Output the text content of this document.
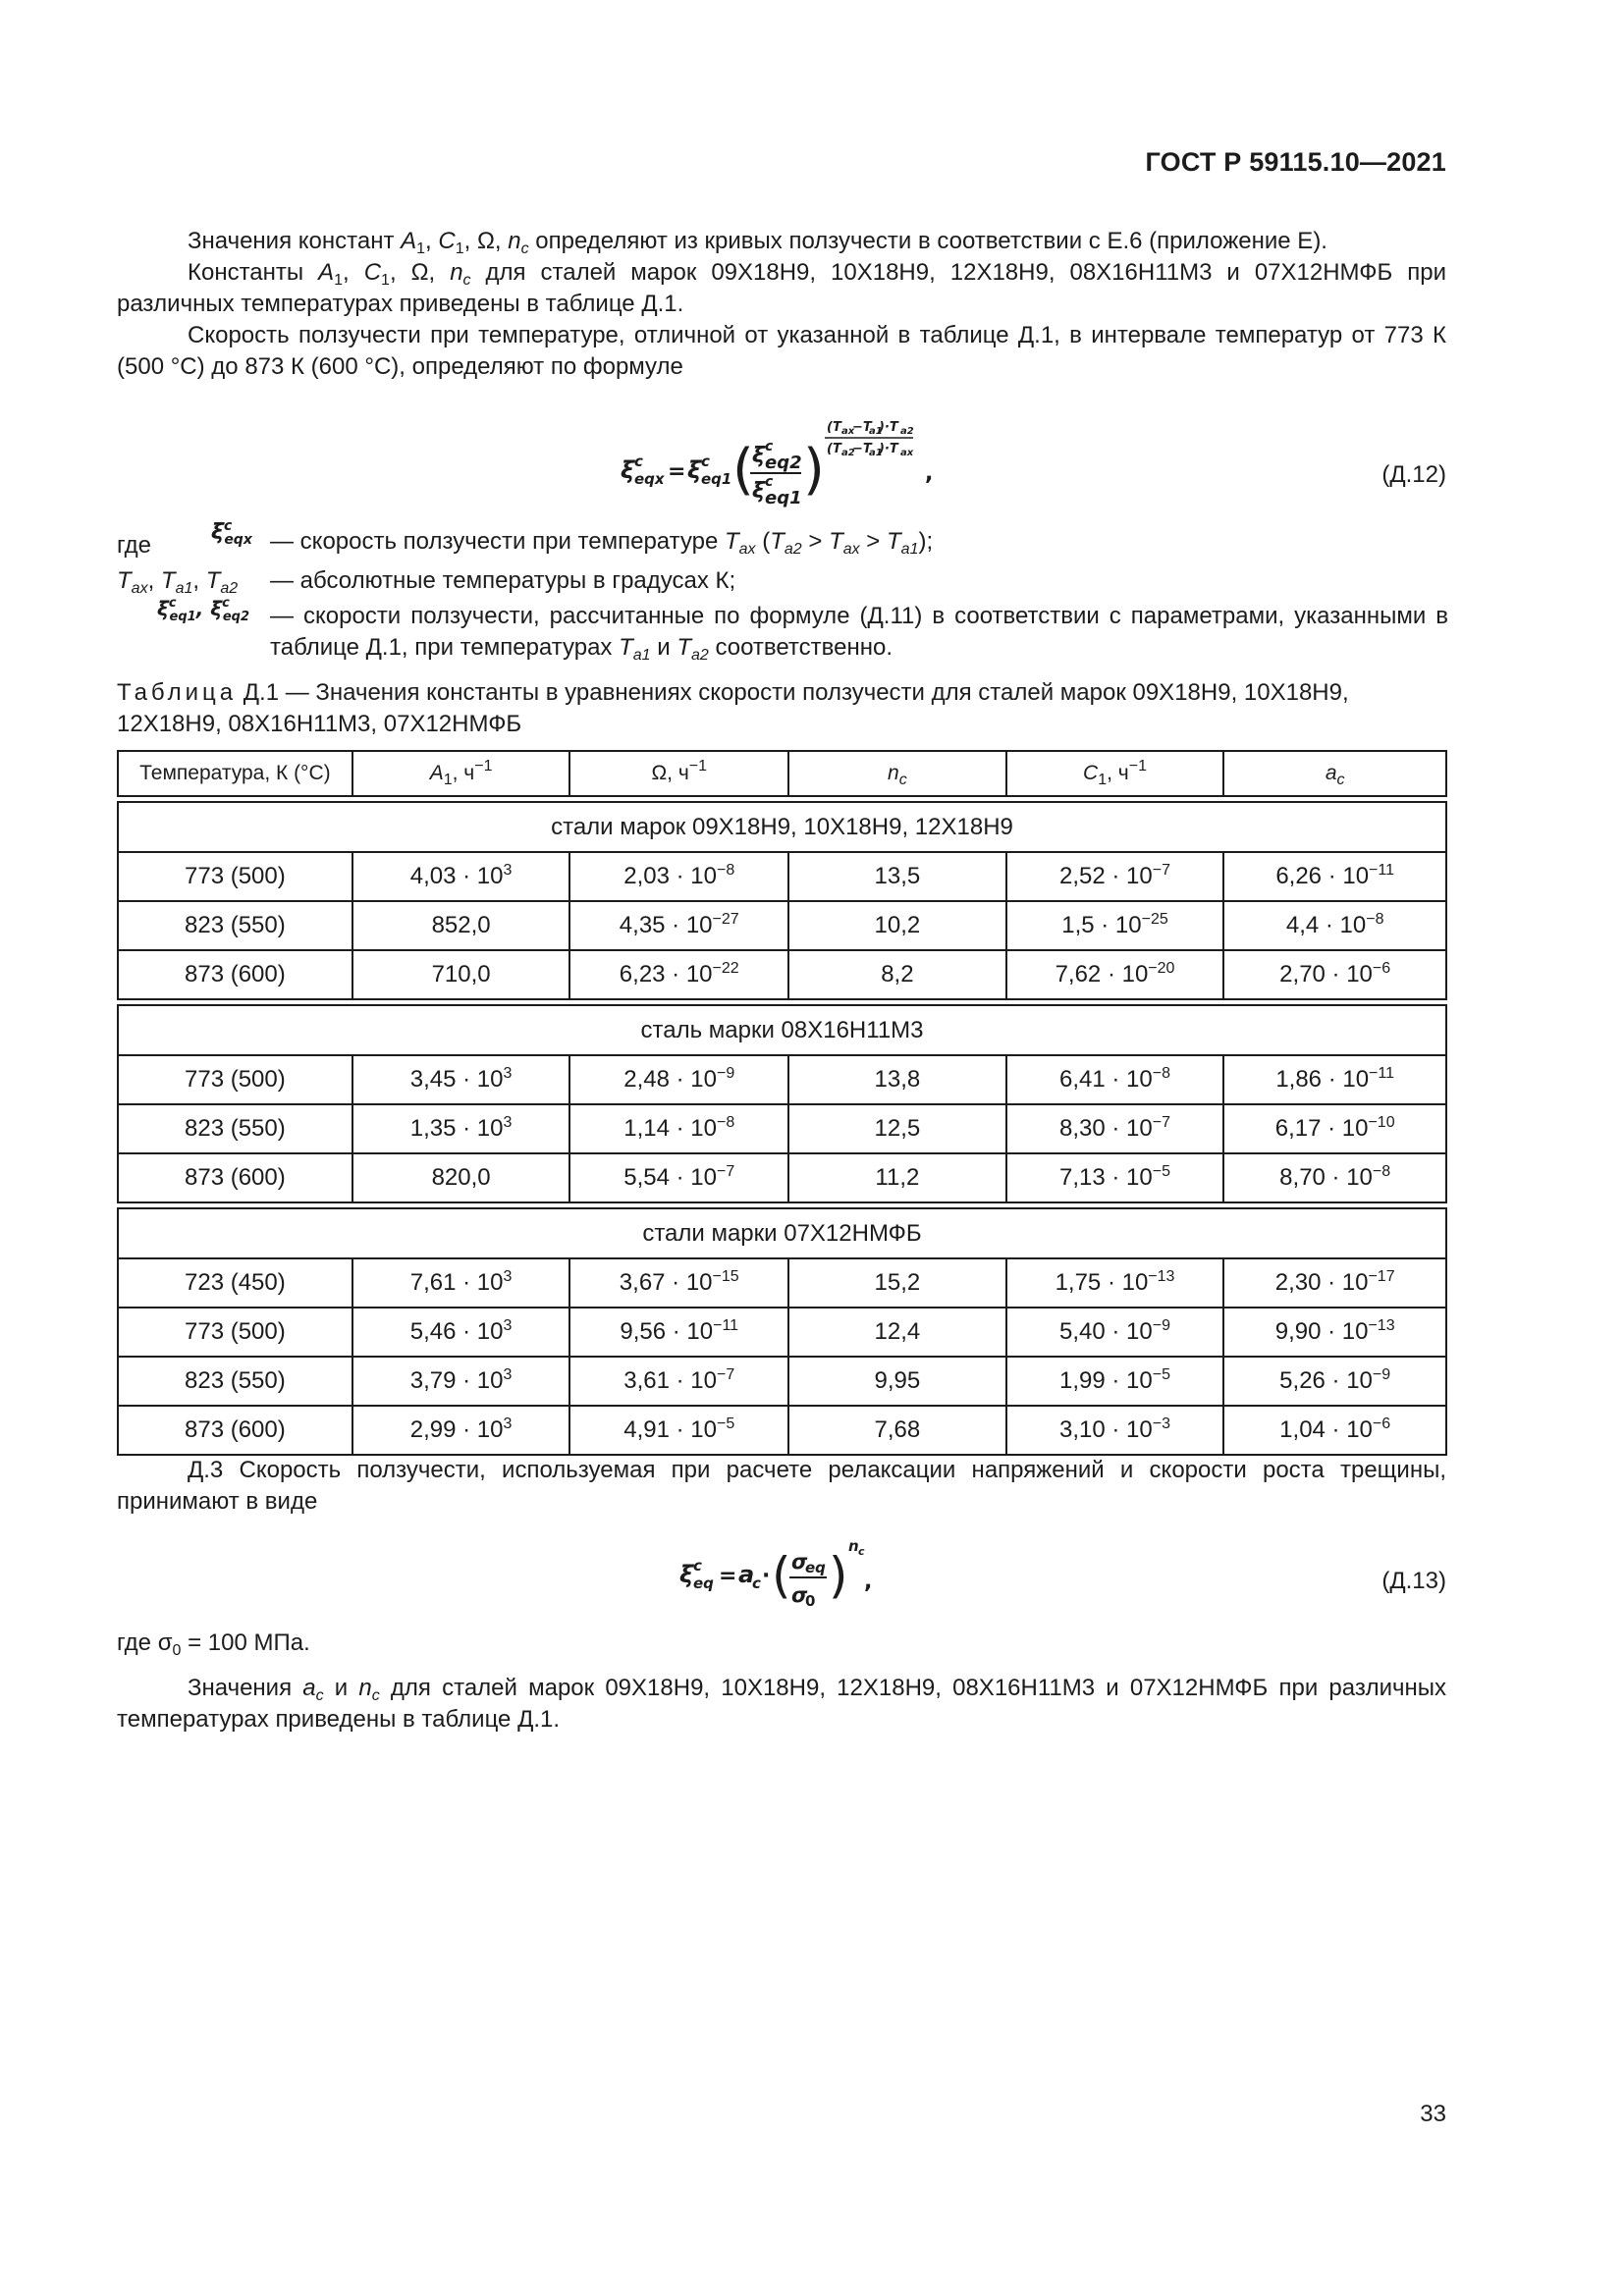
ГОСТ Р 59115.10—2021

Значения констант $A_1$, $C_1$, Ω, $n_c$ определяют из кривых ползучести в соответствии с Е.6 (приложение Е).

Константы $A_1$, $C_1$, Ω, $n_c$ для сталей марок 09Х18Н9, 10Х18Н9, 12Х18Н9, 08Х16Н11М3 и 07Х12НМФБ при различных температурах приведены в таблице Д.1.

Скорость ползучести при температуре, отличной от указанной в таблице Д.1, в интервале температур от 773 К (500 °С) до 873 К (600 °С), определяют по формуле

ξ c
eqx = ξ c
eq1 (
ξ c
eq2
ξ c
eq1 )
(T ax
−T
a1
)·T a2
(T a2
−T
a1
)·T ax
,	(Д.12)
где	$\xi^c_{eqx}$ — скорость ползучести при температуре $T_{ax}$ $(T_{a2} > T_{ax} > T_{a1})$;
$T_{ax}$, $T_{a1}$, $T_{a2}$ — абсолютные температуры в градусах К;
$\xi^c_{eq1}$, $\xi^c_{eq2}$ — скорости ползучести, рассчитанные по формуле (Д.11) в соответствии с параметрами, указанными в таблице Д.1, при температурах $T_{a1}$ и $T_{a2}$ соответственно.
Таблица Д.1 — Значения константы в уравнениях скорости ползучести для сталей марок 09Х18Н9, 10Х18Н9, 12Х18Н9, 08Х16Н11М3, 07Х12НМФБ
Температура, К (°С)	$A_1$, $ч^{-1}$	Ω, $ч^{-1}$	$n_c$	$C_1$, $ч^{-1}$	$a_c$

стали марок 09Х18Н9, 10Х18Н9, 12Х18Н9					
773 (500)	$4,03 \cdot 10^3$	$2,03 \cdot 10^{-8}$	13,5	$2,52 \cdot 10^{-7}$	$6,26 \cdot 10^{-11}$
823 (550)	852,0	$4,35 \cdot 10^{-27}$	10,2	$1,5 \cdot 10^{-25}$	$4,4 \cdot 10^{-8}$
873 (600)	710,0	$6,23 \cdot 10^{-22}$	8,2	$7,62 \cdot 10^{-20}$	$2,70 \cdot 10^{-6}$

сталь марки 08Х16Н11М3					
773 (500)	$3,45 \cdot 10^3$	$2,48 \cdot 10^{-9}$	13,8	$6,41 \cdot 10^{-8}$	$1,86 \cdot 10^{-11}$
823 (550)	$1,35 \cdot 10^3$	$1,14 \cdot 10^{-8}$	12,5	$8,30 \cdot 10^{-7}$	$6,17 \cdot 10^{-10}$
873 (600)	820,0	$5,54 \cdot 10^{-7}$	11,2	$7,13 \cdot 10^{-5}$	$8,70 \cdot 10^{-8}$

стали марки 07Х12НМФБ					
723 (450)	$7,61 \cdot 10^3$	$3,67 \cdot 10^{-15}$	15,2	$1,75 \cdot 10^{-13}$	$2,30 \cdot 10^{-17}$
773 (500)	$5,46 \cdot 10^3$	$9,56 \cdot 10^{-11}$	12,4	$5,40 \cdot 10^{-9}$	$9,90 \cdot 10^{-13}$
823 (550)	$3,79 \cdot 10^3$	$3,61 \cdot 10^{-7}$	9,95	$1,99 \cdot 10^{-5}$	$5,26 \cdot 10^{-9}$
873 (600)	$2,99 \cdot 10^3$	$4,91 \cdot 10^{-5}$	7,68	$3,10 \cdot 10^{-3}$	$1,04 \cdot 10^{-6}$

Д.3 Скорость ползучести, используемая при расчете релаксации напряжений и скорости роста трещины, принимают в виде

ξ c
eq = a
c · ( σ
eq
σ
0 )
n c
,	(Д.13)
где $\sigma_0 = 100$ МПа.

Значения $a_c$ и $n_c$ для сталей марок 09Х18Н9, 10Х18Н9, 12Х18Н9, 08Х16Н11М3 и 07Х12НМФБ при различных температурах приведены в таблице Д.1.

33
